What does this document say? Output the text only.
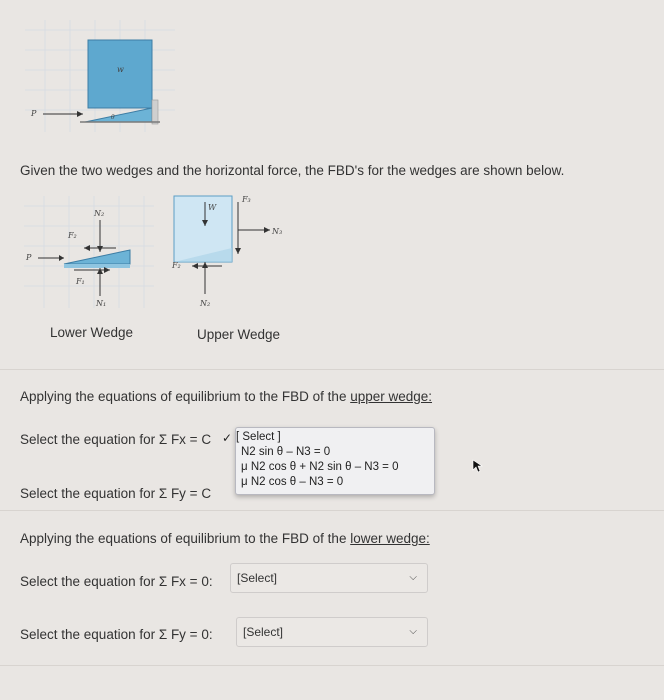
w
P	θ
Given the two wedges and the horizontal force, the FBD's for the wedges are shown below.
N₂
F₂
P
F₁
N₁
W
F₃
N₃
F₂
N₂
Lower Wedge	Upper Wedge
Applying the equations of equilibrium to the FBD of the upper wedge:
Select the equation for Σ Fx = C
Select the equation for Σ Fy = C
✓ [ Select ]
N2 sin θ – N3 = 0
μ N2 cos θ + N2 sin θ – N3 = 0
μ N2 cos θ – N3 = 0
Applying the equations of equilibrium to the FBD of the lower wedge:
Select the equation for Σ Fx = 0:	[Select]	⌵
Select the equation for Σ Fy = 0:	[Select]	⌵
